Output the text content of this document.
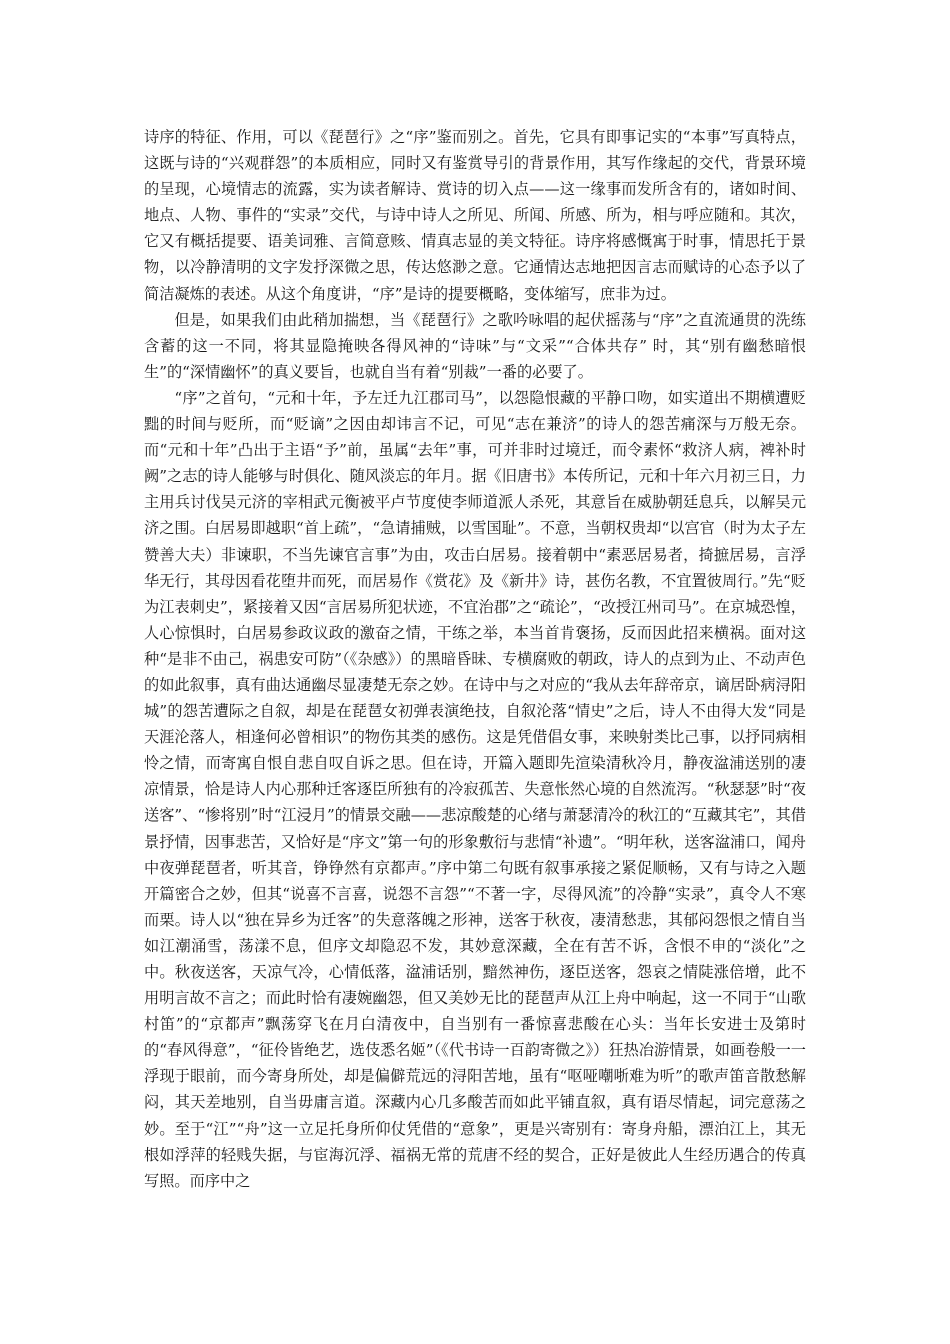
诗序的特征、作用，可以《琵琶行》之“序”鉴而别之。首先，它具有即事记实的“本事”写真特点，这既与诗的“兴观群怨”的本质相应，同时又有鉴赏导引的背景作用，其写作缘起的交代，背景环境的呈现，心境情志的流露，实为读者解诗、赏诗的切入点——这一缘事而发所含有的，诸如时间、地点、人物、事件的“实录”交代，与诗中诗人之所见、所闻、所感、所为，相与呼应随和。其次，它又有概括提要、语美词雅、言简意赅、情真志显的美文特征。诗序将感慨寓于时事，情思托于景物，以冷静清明的文字发抒深微之思，传达悠渺之意。它通情达志地把因言志而赋诗的心态予以了简洁凝炼的表述。从这个角度讲，“序”是诗的提要概略，变体缩写，庶非为过。

但是，如果我们由此稍加揣想，当《琵琶行》之歌吟咏唱的起伏摇荡与“序”之直流通贯的洗练含蓄的这一不同，将其显隐掩映各得风神的“诗味”与“文采”“合体共存” 时，其“别有幽愁暗恨生”的“深情幽怀”的真义要旨，也就自当有着“别裁”一番的必要了。

“序”之首句，“元和十年，予左迁九江郡司马”，以怨隐恨藏的平静口吻，如实道出不期横遭贬黜的时间与贬所，而“贬谪”之因由却讳言不记，可见“志在兼济”的诗人的怨苦痛深与万般无奈。而“元和十年”凸出于主语“予”前，虽属“去年”事，可并非时过境迁，而令素怀“救济人病，裨补时阙”之志的诗人能够与时俱化、随风淡忘的年月。据《旧唐书》本传所记，元和十年六月初三日，力主用兵讨伐吴元济的宰相武元衡被平卢节度使李师道派人杀死，其意旨在威胁朝廷息兵，以解吴元济之围。白居易即越职“首上疏”，“急请捕贼，以雪国耻”。不意，当朝权贵却“以宫官（时为太子左赞善大夫）非谏职，不当先谏官言事”为由，攻击白居易。接着朝中“素恶居易者，掎摭居易，言浮华无行，其母因看花堕井而死，而居易作《赏花》及《新井》诗，甚伤名教，不宜置彼周行。”先“贬为江表刺史”，紧接着又因“言居易所犯状迹，不宜治郡”之“疏论”，“改授江州司马”。在京城恐惶，人心惊惧时，白居易参政议政的激奋之情，干练之举，本当首肯褒扬，反而因此招来横祸。面对这种“是非不由己，祸患安可防”（《杂感》）的黑暗昏昧、专横腐败的朝政，诗人的点到为止、不动声色的如此叙事，真有曲达通幽尽显凄楚无奈之妙。在诗中与之对应的“我从去年辞帝京，谪居卧病浔阳城”的怨苦遭际之自叙，却是在琵琶女初弹表演绝技，自叙沦落“情史”之后，诗人不由得大发“同是天涯沦落人，相逢何必曾相识”的物伤其类的感伤。这是凭借倡女事，来映射类比己事，以抒同病相怜之情，而寄寓自恨自悲自叹自诉之思。但在诗，开篇入题即先渲染清秋冷月，静夜湓浦送别的凄凉情景，恰是诗人内心那种迁客逐臣所独有的冷寂孤苦、失意怅然心境的自然流泻。“秋瑟瑟”时“夜送客”、“惨将别”时“江浸月”的情景交融——悲凉酸楚的心绪与萧瑟清冷的秋江的“互藏其宅”，其借景抒情，因事悲苦，又恰好是“序文”第一句的形象敷衍与悲情“补遗”。“明年秋，送客湓浦口，闻舟中夜弹琵琶者，听其音，铮铮然有京都声。”序中第二句既有叙事承接之紧促顺畅，又有与诗之入题开篇密合之妙，但其“说喜不言喜，说怨不言怨”“不著一字，尽得风流”的冷静“实录”，真令人不寒而栗。诗人以“独在异乡为迁客”的失意落魄之形神，送客于秋夜，凄清愁悲，其郁闷怨恨之情自当如江潮涌雪，荡漾不息，但序文却隐忍不发，其妙意深藏，全在有苦不诉，含恨不申的“淡化”之中。秋夜送客，天凉气冷，心情低落，湓浦话别，黯然神伤，逐臣送客，怨哀之情陡涨倍增，此不用明言故不言之；而此时恰有凄婉幽怨，但又美妙无比的琵琶声从江上舟中响起，这一不同于“山歌村笛”的“京都声”飘荡穿飞在月白清夜中，自当别有一番惊喜悲酸在心头：当年长安进士及第时的“春风得意”，“征伶皆绝艺，选伎悉名姬”（《代书诗一百韵寄微之》）狂热冶游情景，如画卷般一一浮现于眼前，而今寄身所处，却是偏僻荒远的浔阳苦地，虽有“呕哑嘲哳难为听”的歌声笛音散愁解闷，其天差地别，自当毋庸言道。深藏内心几多酸苦而如此平铺直叙，真有语尽情起，词完意荡之妙。至于“江”“舟”这一立足托身所仰仗凭借的“意象”，更是兴寄别有：寄身舟船，漂泊江上，其无根如浮萍的轻贱失据，与宦海沉浮、福祸无常的荒唐不经的契合，正好是彼此人生经历遇合的传真写照。而序中之
